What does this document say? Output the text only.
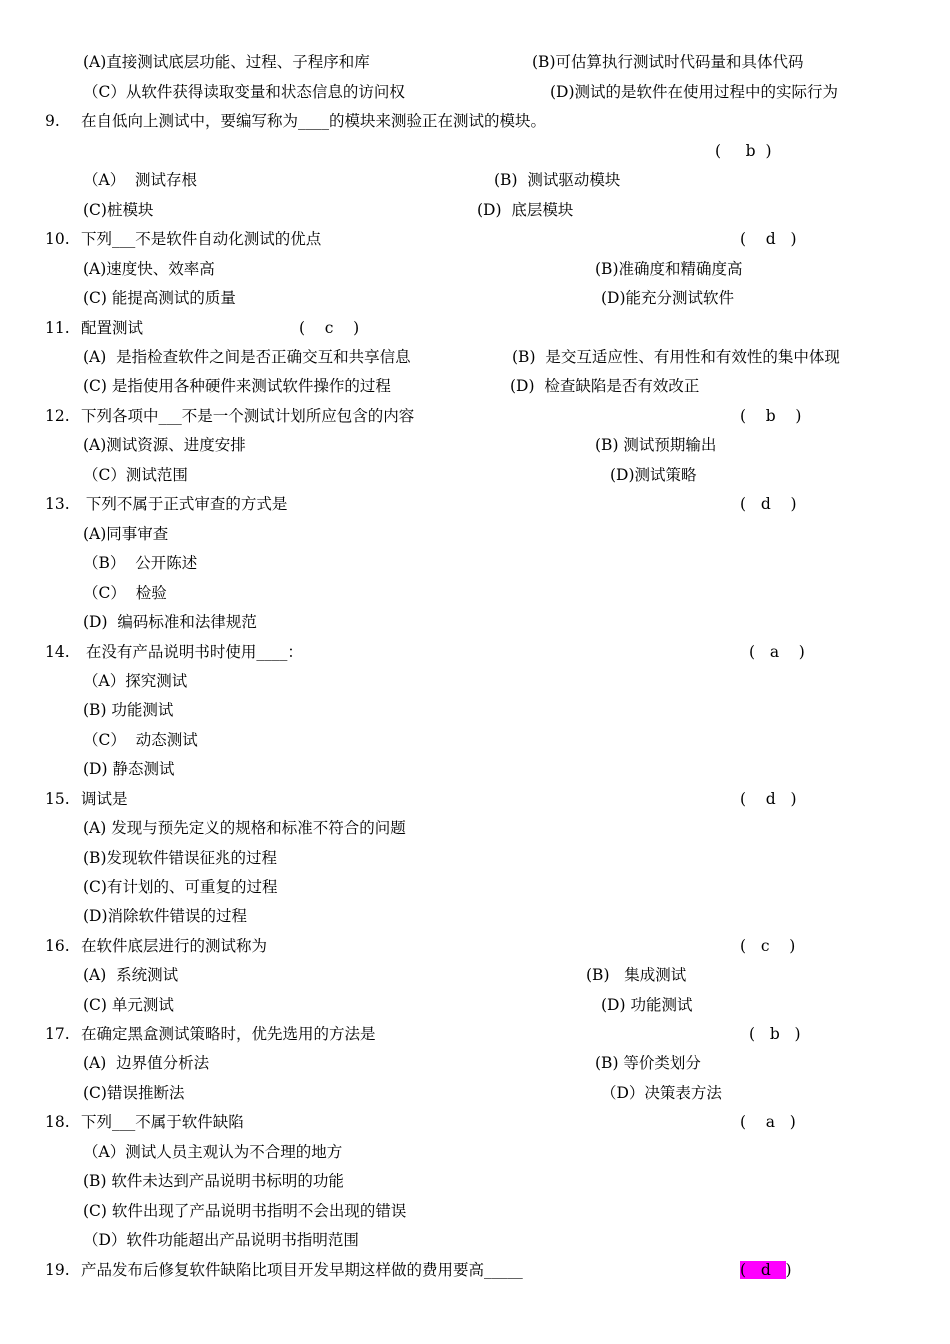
(A)直接测试底层功能、过程、子程序和库	(B)可估算执行测试时代码量和具体代码
（C）从软件获得读取变量和状态信息的访问权	(D)测试的是软件在使用过程中的实际行为
9. 在自低向上测试中，要编写称为____的模块来测验正在测试的模块。
(     b  )
（A）  测试存根	(B)  测试驱动模块
(C)桩模块	(D)  底层模块
10. 下列___不是软件自动化测试的优点	(    d   )
(A)速度快、效率高	(B)准确度和精确度高
(C) 能提高测试的质量	(D)能充分测试软件
11. 配置测试	(    c    )
(A)  是指检查软件之间是否正确交互和共享信息	(B)  是交互适应性、有用性和有效性的集中体现
(C) 是指使用各种硬件来测试软件操作的过程	(D)  检查缺陷是否有效改正
12. 下列各项中___不是一个测试计划所应包含的内容	(    b    )
(A)测试资源、进度安排	(B) 测试预期输出
（C）测试范围	(D)测试策略
13. 下列不属于正式审查的方式是	(   d    )
(A)同事审查
（B）  公开陈述
（C）  检验
(D)  编码标准和法律规范
14. 在没有产品说明书时使用____：	(   a    )
（A）探究测试
(B) 功能测试
（C）  动态测试
(D) 静态测试
15. 调试是	(    d   )
(A) 发现与预先定义的规格和标准不符合的问题
(B)发现软件错误征兆的过程
(C)有计划的、可重复的过程
(D)消除软件错误的过程
16. 在软件底层进行的测试称为	(   c    )
(A)  系统测试	(B)   集成测试
(C) 单元测试	(D) 功能测试
17. 在确定黑盒测试策略时，优先选用的方法是	(   b   )
(A)  边界值分析法	(B) 等价类划分
(C)错误推断法	（D）决策表方法
18. 下列___不属于软件缺陷	(    a   )
（A）测试人员主观认为不合理的地方
(B) 软件未达到产品说明书标明的功能
(C) 软件出现了产品说明书指明不会出现的错误
（D）软件功能超出产品说明书指明范围
19. 产品发布后修复软件缺陷比项目开发早期这样做的费用要高_____	(   d   )
